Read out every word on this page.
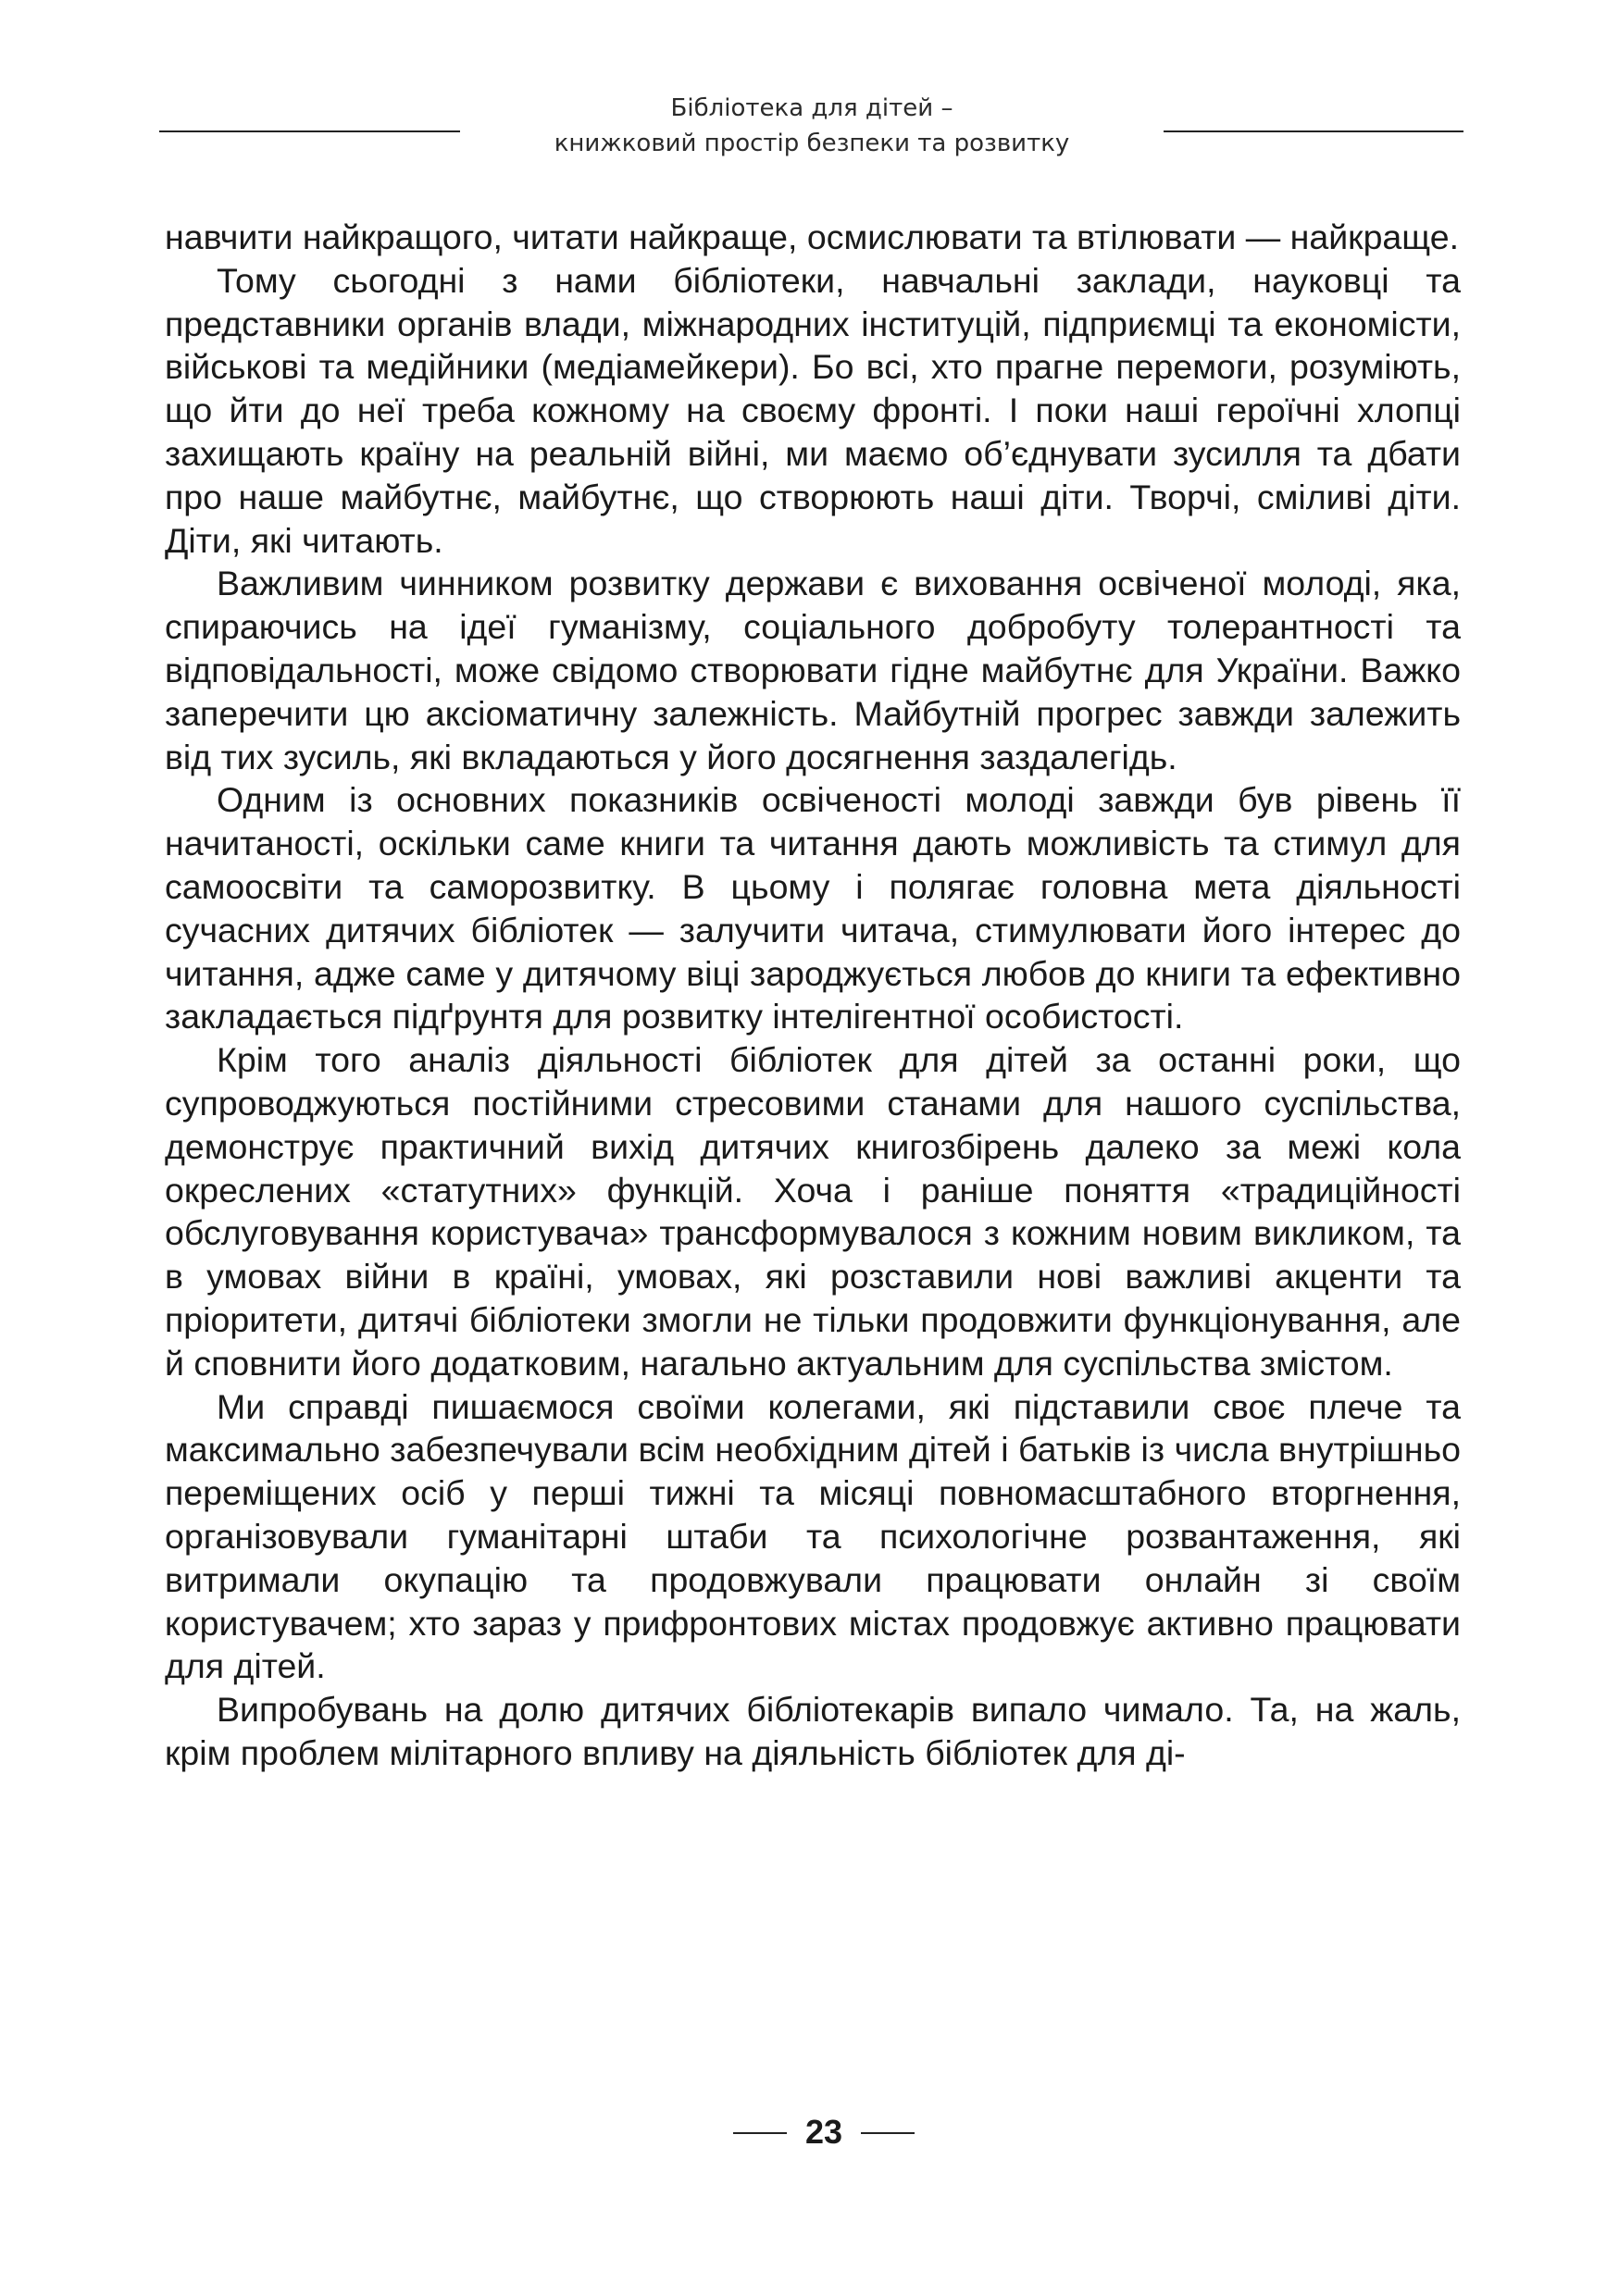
Бібліотека для дітей –
книжковий простір безпеки та розвитку

навчити найкращого, читати найкраще, осмислювати та втілювати — найкраще.

Тому сьогодні з нами бібліотеки, навчальні заклади, науковці та представники органів влади, міжнародних інституцій, підприємці та економісти, військові та медійники (медіамейкери). Бо всі, хто прагне перемоги, розуміють, що йти до неї треба кожному на своєму фронті. І поки наші героїчні хлопці захищають країну на реальній війні, ми маємо об’єднувати зусилля та дбати про наше майбутнє, майбутнє, що створюють наші діти. Творчі, сміливі діти. Діти, які читають.

Важливим чинником розвитку держави є виховання освіченої молоді, яка, спираючись на ідеї гуманізму, соціального добробуту толерантності та відповідальності, може свідомо створювати гідне майбутнє для України. Важко заперечити цю аксіоматичну залежність. Майбутній прогрес завжди залежить від тих зусиль, які вкладаються у його досягнення заздалегідь.

Одним із основних показників освіченості молоді завжди був рівень її начитаності, оскільки саме книги та читання дають можливість та стимул для самоосвіти та саморозвитку. В цьому і полягає головна мета діяльності сучасних дитячих бібліотек — залучити читача, стимулювати його інтерес до читання, адже саме у дитячому віці зароджується любов до книги та ефективно закладається підґрунтя для розвитку інтелігентної особистості.

Крім того аналіз діяльності бібліотек для дітей за останні роки, що супроводжуються постійними стресовими станами для нашого суспільства, демонструє практичний вихід дитячих книгозбірень далеко за межі кола окреслених «статутних» функцій. Хоча і раніше поняття «традиційності обслуговування користувача» трансформувалося з кожним новим викликом, та в умовах війни в країні, умовах, які розставили нові важливі акценти та пріоритети, дитячі бібліотеки змогли не тільки продовжити функціонування, але й сповнити його додатковим, нагально актуальним для суспільства змістом.

Ми справді пишаємося своїми колегами, які підставили своє плече та максимально забезпечували всім необхідним дітей і батьків із числа внутрішньо переміщених осіб у перші тижні та місяці повномасштабного вторгнення, організовували гуманітарні штаби та психологічне розвантаження, які витримали окупацію та продовжували працювати онлайн зі своїм користувачем; хто зараз у прифронтових містах продовжує активно працювати для дітей.

Випробувань на долю дитячих бібліотекарів випало чимало. Та, на жаль, крім проблем мілітарного впливу на діяльність бібліотек для ді-

23
